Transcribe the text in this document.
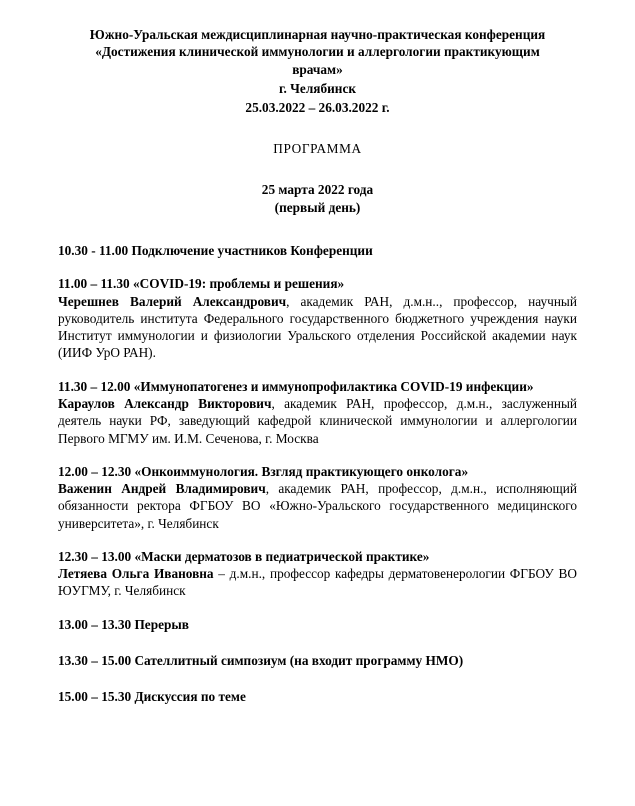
Южно-Уральская междисциплинарная научно-практическая конференция
«Достижения клинической иммунологии и аллергологии практикующим
врачам»
г. Челябинск
25.03.2022 – 26.03.2022 г.
ПРОГРАММА
25 марта 2022 года
(первый день)
10.30 - 11.00 Подключение участников Конференции
11.00 – 11.30 «COVID-19: проблемы и решения»
Черешнев Валерий Александрович, академик РАН, д.м.н.., профессор, научный руководитель института Федерального государственного бюджетного учреждения науки Институт иммунологии и физиологии Уральского отделения Российской академии наук (ИИФ УрО РАН).
11.30 – 12.00 «Иммунопатогенез и иммунопрофилактика COVID-19 инфекции»
Караулов Александр Викторович, академик РАН, профессор, д.м.н., заслуженный деятель науки РФ, заведующий кафедрой клинической иммунологии и аллергологии Первого МГМУ им. И.М. Сеченова, г. Москва
12.00 – 12.30 «Онкоиммунология. Взгляд практикующего онколога»
Важенин Андрей Владимирович, академик РАН, профессор, д.м.н., исполняющий обязанности ректора ФГБОУ ВО «Южно-Уральского государственного медицинского университета», г. Челябинск
12.30 – 13.00 «Маски дерматозов в педиатрической практике»
Летяева Ольга Ивановна – д.м.н., профессор кафедры дерматовенерологии ФГБОУ ВО ЮУГМУ, г. Челябинск
13.00 – 13.30 Перерыв
13.30 – 15.00 Сателлитный симпозиум (на входит программу НМО)
15.00 – 15.30 Дискуссия по теме
